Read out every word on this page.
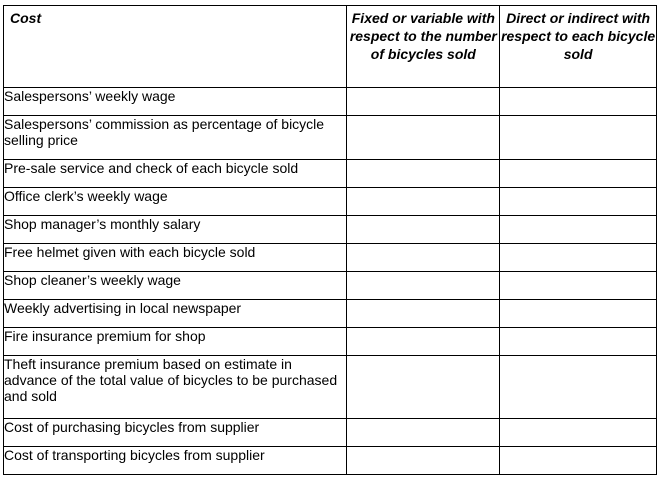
Cost	Fixed or variable with respect to the number of bicycles sold	Direct or indirect with respect to each bicycle sold

Salespersons’ weekly wage		

Salespersons’ commission as percentage of bicycle selling price		

Pre-sale service and check of each bicycle sold		

Office clerk’s weekly wage		

Shop manager’s monthly salary		

Free helmet given with each bicycle sold		

Shop cleaner’s weekly wage		

Weekly advertising in local newspaper		

Fire insurance premium for shop		

Theft insurance premium based on estimate in advance of the total value of bicycles to be purchased and sold		

Cost of purchasing bicycles from supplier		

Cost of transporting bicycles from supplier		
